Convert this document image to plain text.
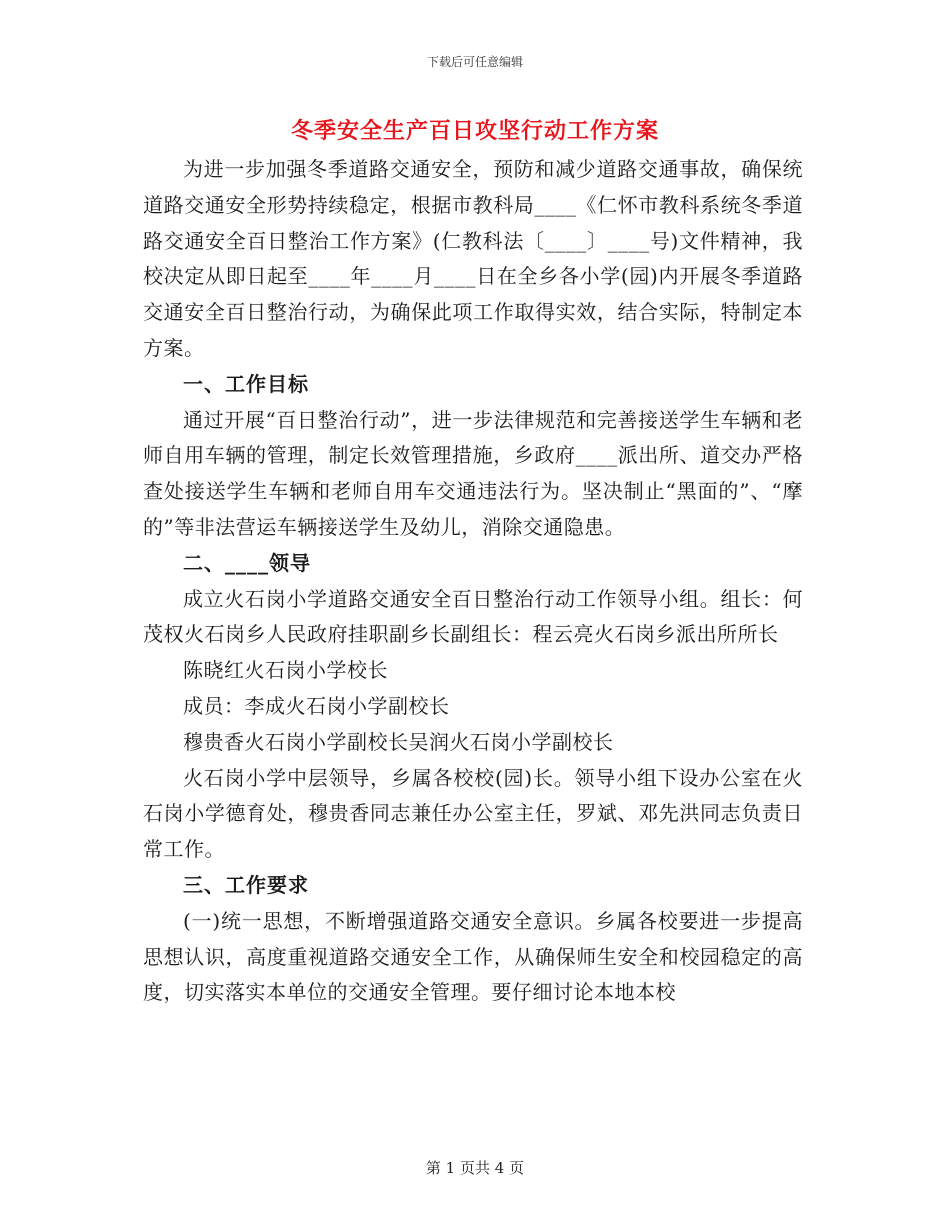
下载后可任意编辑
冬季安全生产百日攻坚行动工作方案

为进一步加强冬季道路交通安全，预防和减少道路交通事故，确保统道路交通安全形势持续稳定，根据市教科局____《仁怀市教科系统冬季道路交通安全百日整治工作方案》(仁教科法〔____〕____号)文件精神，我校决定从即日起至____年____月____日在全乡各小学(园)内开展冬季道路交通安全百日整治行动，为确保此项工作取得实效，结合实际，特制定本方案。

一、工作目标

通过开展“百日整治行动”，进一步法律规范和完善接送学生车辆和老师自用车辆的管理，制定长效管理措施，乡政府____派出所、道交办严格查处接送学生车辆和老师自用车交通违法行为。坚决制止“黑面的”、“摩的”等非法营运车辆接送学生及幼儿，消除交通隐患。

二、____领导

成立火石岗小学道路交通安全百日整治行动工作领导小组。组长：何茂权火石岗乡人民政府挂职副乡长副组长：程云亮火石岗乡派出所所长

陈晓红火石岗小学校长

成员：李成火石岗小学副校长

穆贵香火石岗小学副校长吴润火石岗小学副校长

火石岗小学中层领导，乡属各校校(园)长。领导小组下设办公室在火石岗小学德育处，穆贵香同志兼任办公室主任，罗斌、邓先洪同志负责日常工作。

三、工作要求

(一)统一思想，不断增强道路交通安全意识。乡属各校要进一步提高思想认识，高度重视道路交通安全工作，从确保师生安全和校园稳定的高度，切实落实本单位的交通安全管理。要仔细讨论本地本校

第 1 页共 4 页
